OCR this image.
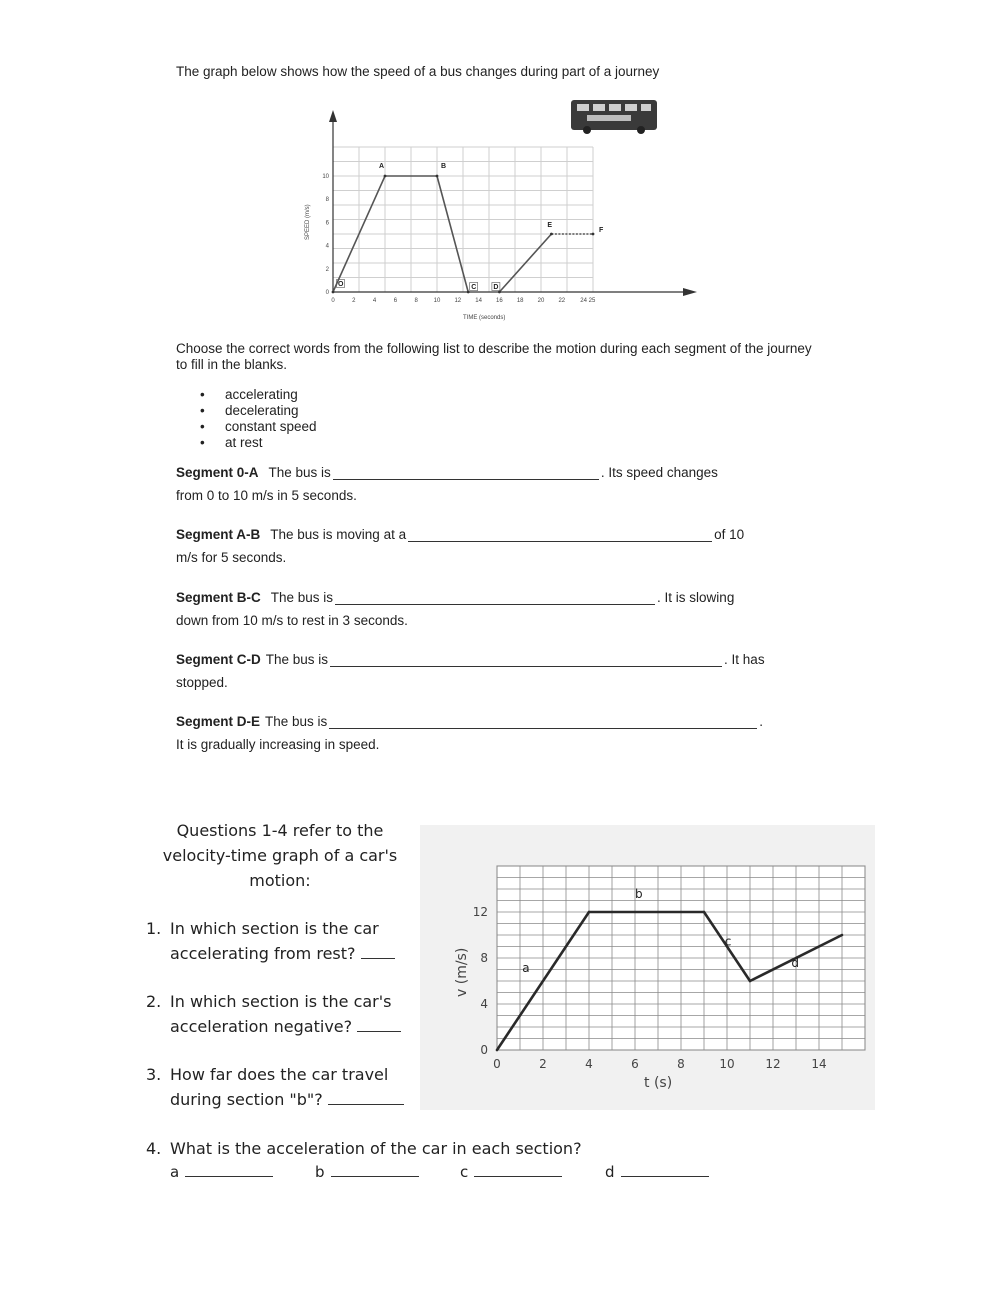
The graph below shows how the speed of a bus changes during part of a journey
0	2	4	6	8	10 12 14 16 18 20 22	24 25
0
2
4
6
8
10
O
A	B
C D
E
F
SPEED (m/s)
TIME (seconds)
Choose the correct words from the following list to describe the motion during each segment of the journey to fill in the blanks.
• accelerating
• decelerating
• constant speed
• at rest
Segment 0-A The bus is	. Its speed changes
from 0 to 10 m/s in 5 seconds.
Segment A-B The bus is moving at a	of 10
m/s for 5 seconds.
Segment B-C The bus is	. It is slowing
down from 10 m/s to rest in 3 seconds.
Segment C-D The bus is	. It has
stopped.
Segment D-E The bus is	.
It is gradually increasing in speed.
Questions 1-4 refer to the velocity-time graph of a car's motion:
1. In which section is the car
accelerating from rest?
2. In which section is the car's
acceleration negative?
3. How far does the car travel
during section "b"?
4. What is the acceleration of the car in each section?
a	b	c	d
0	2	4	6	8	10	12	14
0
4
8
12
a
b
c
d
v (m/s)
t (s)
